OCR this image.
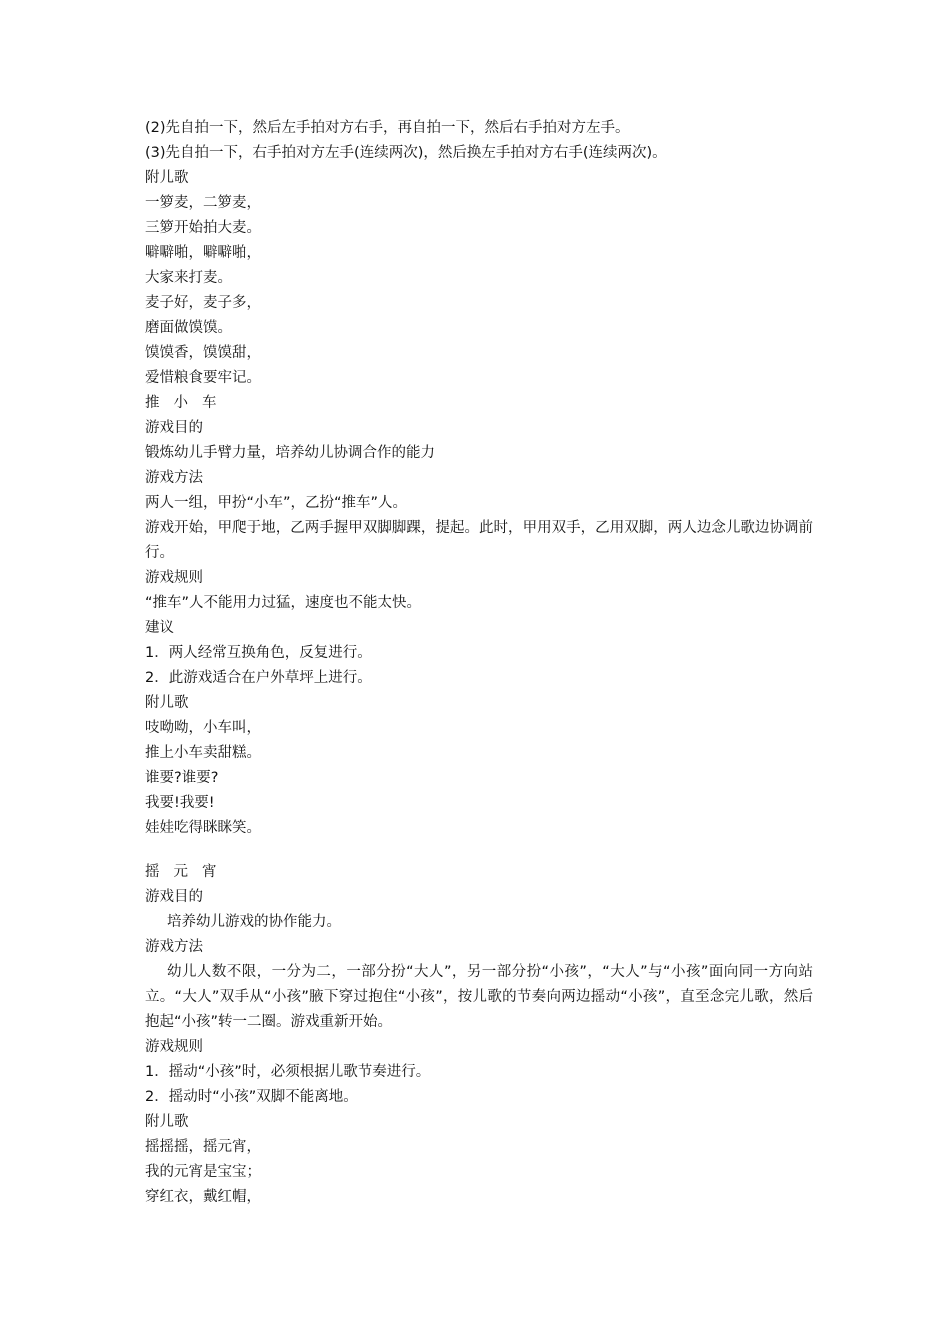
(2)先自拍一下，然后左手拍对方右手，再自拍一下，然后右手拍对方左手。
(3)先自拍一下，右手拍对方左手(连续两次)，然后换左手拍对方右手(连续两次)。
附儿歌
一箩麦，二箩麦，
三箩开始拍大麦。
噼噼啪，噼噼啪，
大家来打麦。
麦子好，麦子多，
磨面做馍馍。
馍馍香，馍馍甜，
爱惜粮食要牢记。
推小车
游戏目的
锻炼幼儿手臂力量，培养幼儿协调合作的能力
游戏方法
两人一组，甲扮“小车”，乙扮“推车”人。
游戏开始，甲爬于地，乙两手握甲双脚脚踝，提起。此时，甲用双手，乙用双脚，两人边念儿歌边协调前行。
游戏规则
“推车”人不能用力过猛，速度也不能太快。
建议
1．两人经常互换角色，反复进行。
2．此游戏适合在户外草坪上进行。
附儿歌
吱呦呦，小车叫，
推上小车卖甜糕。
谁要?谁要?
我要!我要!
娃娃吃得眯眯笑。
摇元宵
游戏目的
培养幼儿游戏的协作能力。
游戏方法
幼儿人数不限，一分为二，一部分扮“大人”，另一部分扮“小孩”，“大人”与“小孩”面向同一方向站立。“大人”双手从“小孩”腋下穿过抱住“小孩”，按儿歌的节奏向两边摇动“小孩”，直至念完儿歌，然后抱起“小孩”转一二圈。游戏重新开始。
游戏规则
1．摇动“小孩”时，必须根据儿歌节奏进行。
2．摇动时“小孩”双脚不能离地。
附儿歌
摇摇摇，摇元宵，
我的元宵是宝宝；
穿红衣，戴红帽，
